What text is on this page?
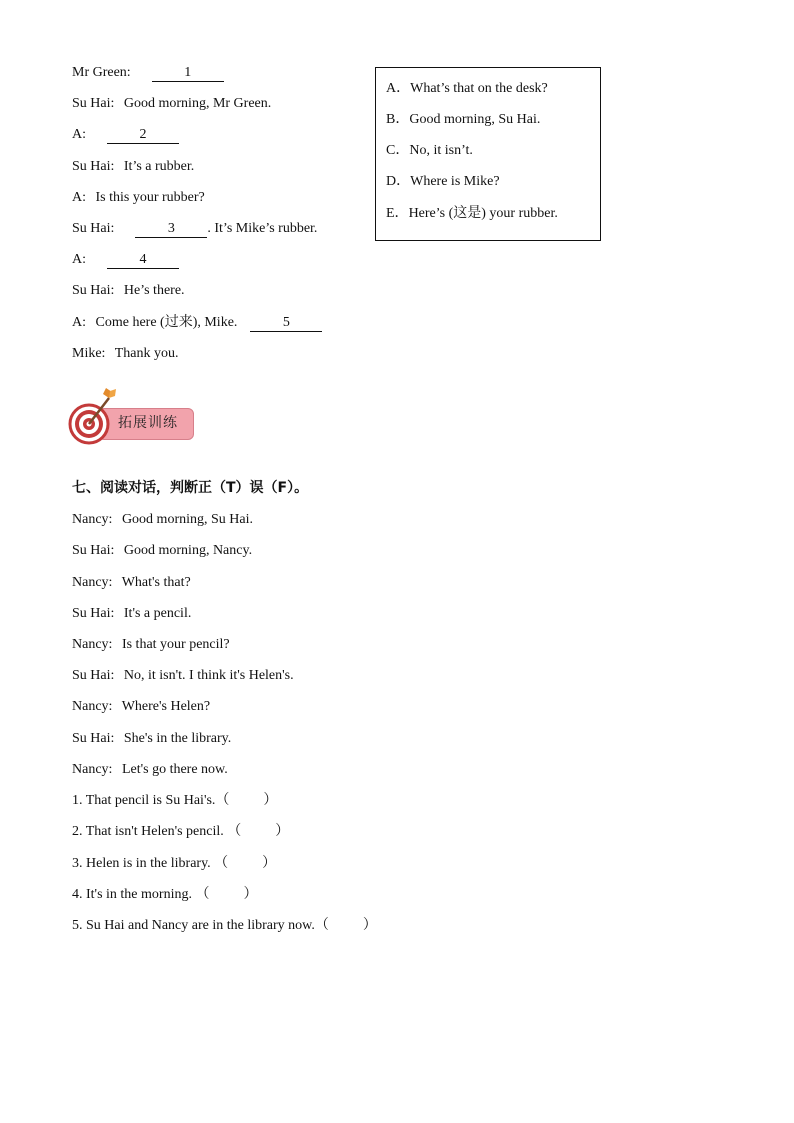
Mr Green:	1
Su Hai: Good morning, Mr Green.
A:	2
Su Hai: It’s a rubber.
A: Is this your rubber?
Su Hai:	3 . It’s Mike’s rubber.
A:	4
Su Hai: He’s there.
A: Come here (过来), Mike.	5
Mike: Thank you.
A．What’s that on the desk?
B．Good morning, Su Hai.
C．No, it isn’t.
D．Where is Mike?
E．Here’s (这是) your rubber.
拓展训练
七、阅读对话，判断正（T）误（F）。
Nancy: Good morning, Su Hai.
Su Hai: Good morning, Nancy.
Nancy: What's that?
Su Hai: It's a pencil.
Nancy: Is that your pencil?
Su Hai: No, it isn't. I think it's Helen's.
Nancy: Where's Helen?
Su Hai: She's in the library.
Nancy: Let's go there now.
1. That pencil is Su Hai's.（ ）
2. That isn't Helen's pencil. （ ）
3. Helen is in the library. （ ）
4. It's in the morning. （ ）
5. Su Hai and Nancy are in the library now.（ ）
